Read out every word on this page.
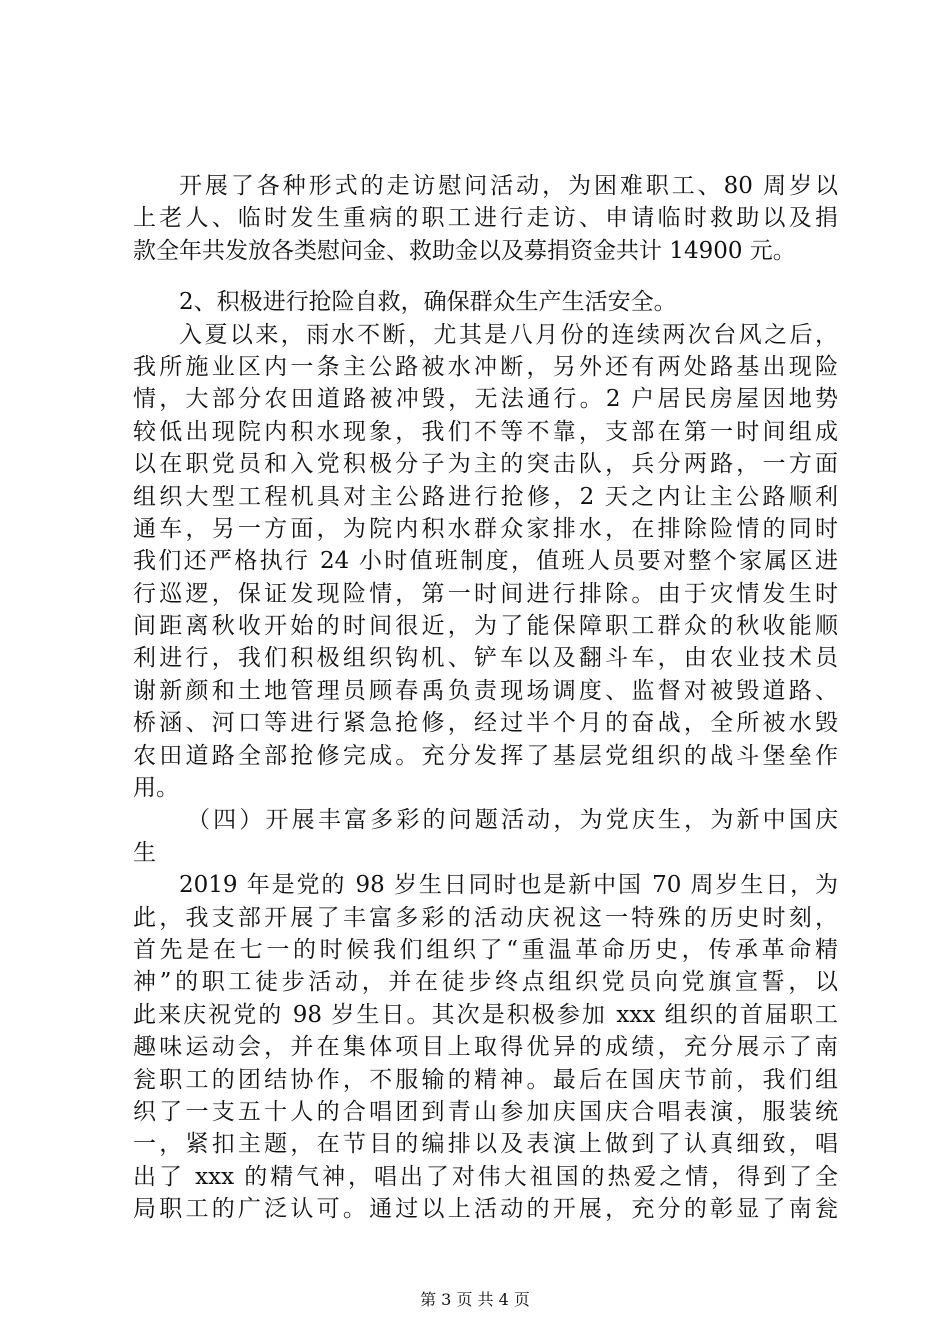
开展了各种形式的走访慰问活动，为困难职工、80 周岁以
上老人、临时发生重病的职工进行走访、申请临时救助以及捐
款全年共发放各类慰问金、救助金以及募捐资金共计 14900 元。
2、积极进行抢险自救，确保群众生产生活安全。
入夏以来，雨水不断，尤其是八月份的连续两次台风之后，
我所施业区内一条主公路被水冲断，另外还有两处路基出现险
情，大部分农田道路被冲毁，无法通行。2 户居民房屋因地势
较低出现院内积水现象，我们不等不靠，支部在第一时间组成
以在职党员和入党积极分子为主的突击队，兵分两路，一方面
组织大型工程机具对主公路进行抢修，2 天之内让主公路顺利
通车，另一方面，为院内积水群众家排水，在排除险情的同时
我们还严格执行 24 小时值班制度，值班人员要对整个家属区进
行巡逻，保证发现险情，第一时间进行排除。由于灾情发生时
间距离秋收开始的时间很近，为了能保障职工群众的秋收能顺
利进行，我们积极组织钩机、铲车以及翻斗车，由农业技术员
谢新颜和土地管理员顾春禹负责现场调度、监督对被毁道路、
桥涵、河口等进行紧急抢修，经过半个月的奋战，全所被水毁
农田道路全部抢修完成。充分发挥了基层党组织的战斗堡垒作
用。
（四）开展丰富多彩的问题活动，为党庆生，为新中国庆
生
2019 年是党的 98 岁生日同时也是新中国 70 周岁生日，为
此，我支部开展了丰富多彩的活动庆祝这一特殊的历史时刻，
首先是在七一的时候我们组织了“重温革命历史，传承革命精
神”的职工徒步活动，并在徒步终点组织党员向党旗宣誓，以
此来庆祝党的 98 岁生日。其次是积极参加 xxx 组织的首届职工
趣味运动会，并在集体项目上取得优异的成绩，充分展示了南
瓮职工的团结协作，不服输的精神。最后在国庆节前，我们组
织了一支五十人的合唱团到青山参加庆国庆合唱表演，服装统
一，紧扣主题，在节目的编排以及表演上做到了认真细致，唱
出了 xxx 的精气神，唱出了对伟大祖国的热爱之情，得到了全
局职工的广泛认可。通过以上活动的开展，充分的彰显了南瓮
第 3 页 共 4 页
